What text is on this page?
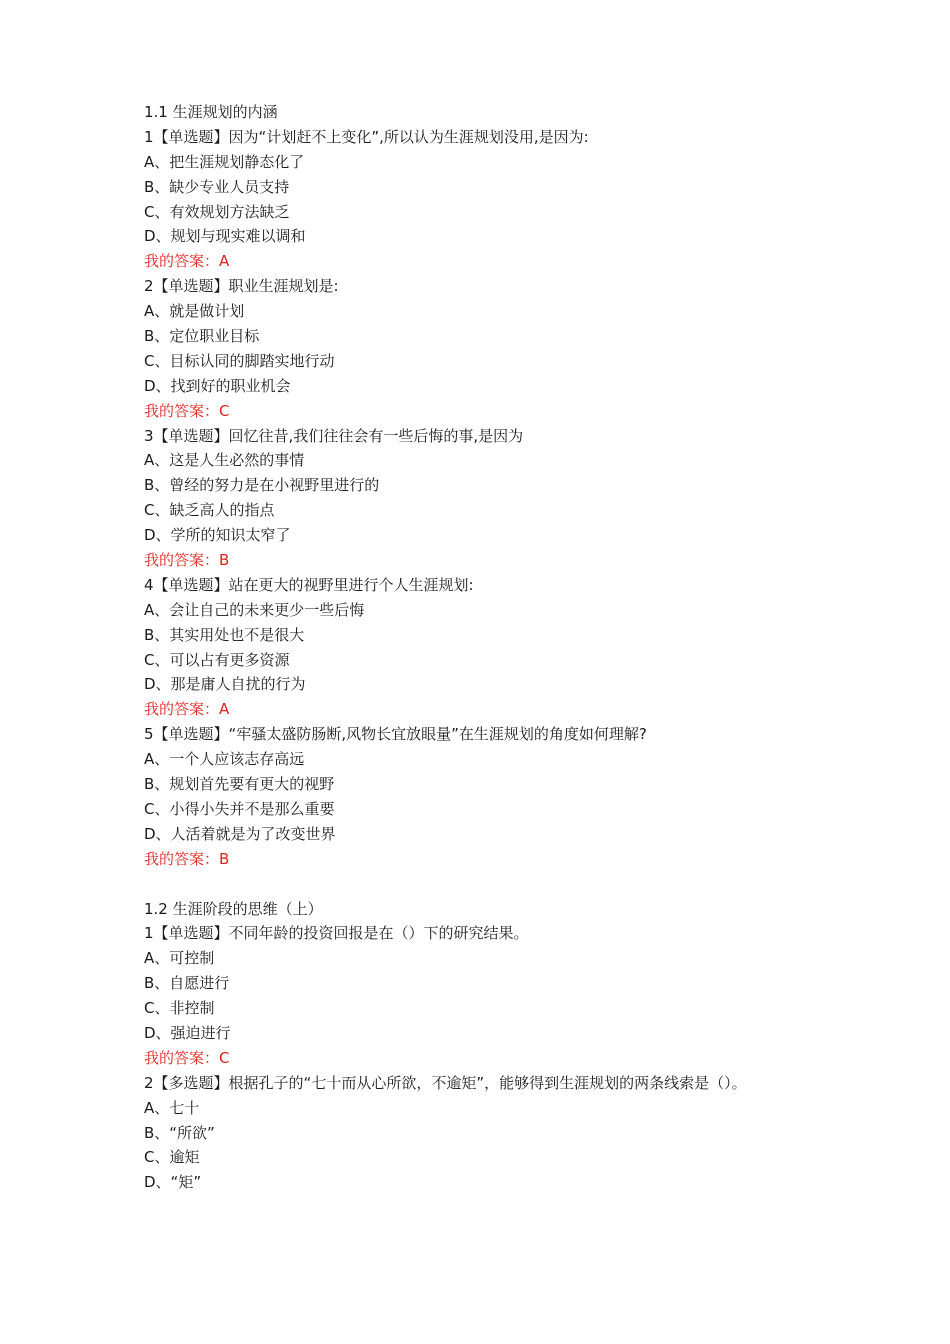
1.1 生涯规划的内涵
1【单选题】因为“计划赶不上变化”,所以认为生涯规划没用,是因为:
A、把生涯规划静态化了
B、缺少专业人员支持
C、有效规划方法缺乏
D、规划与现实难以调和
我的答案：A
2【单选题】职业生涯规划是:
A、就是做计划
B、定位职业目标
C、目标认同的脚踏实地行动
D、找到好的职业机会
我的答案：C
3【单选题】回忆往昔,我们往往会有一些后悔的事,是因为
A、这是人生必然的事情
B、曾经的努力是在小视野里进行的
C、缺乏高人的指点
D、学所的知识太窄了
我的答案：B
4【单选题】站在更大的视野里进行个人生涯规划:
A、会让自己的未来更少一些后悔
B、其实用处也不是很大
C、可以占有更多资源
D、那是庸人自扰的行为
我的答案：A
5【单选题】“牢骚太盛防肠断,风物长宜放眼量”在生涯规划的角度如何理解?
A、一个人应该志存高远
B、规划首先要有更大的视野
C、小得小失并不是那么重要
D、人活着就是为了改变世界
我的答案：B
1.2 生涯阶段的思维（上）
1【单选题】不同年龄的投资回报是在（）下的研究结果。
A、可控制
B、自愿进行
C、非控制
D、强迫进行
我的答案：C
2【多选题】根据孔子的“七十而从心所欲，不逾矩”，能够得到生涯规划的两条线索是（）。
A、七十
B、“所欲”
C、逾矩
D、“矩”
